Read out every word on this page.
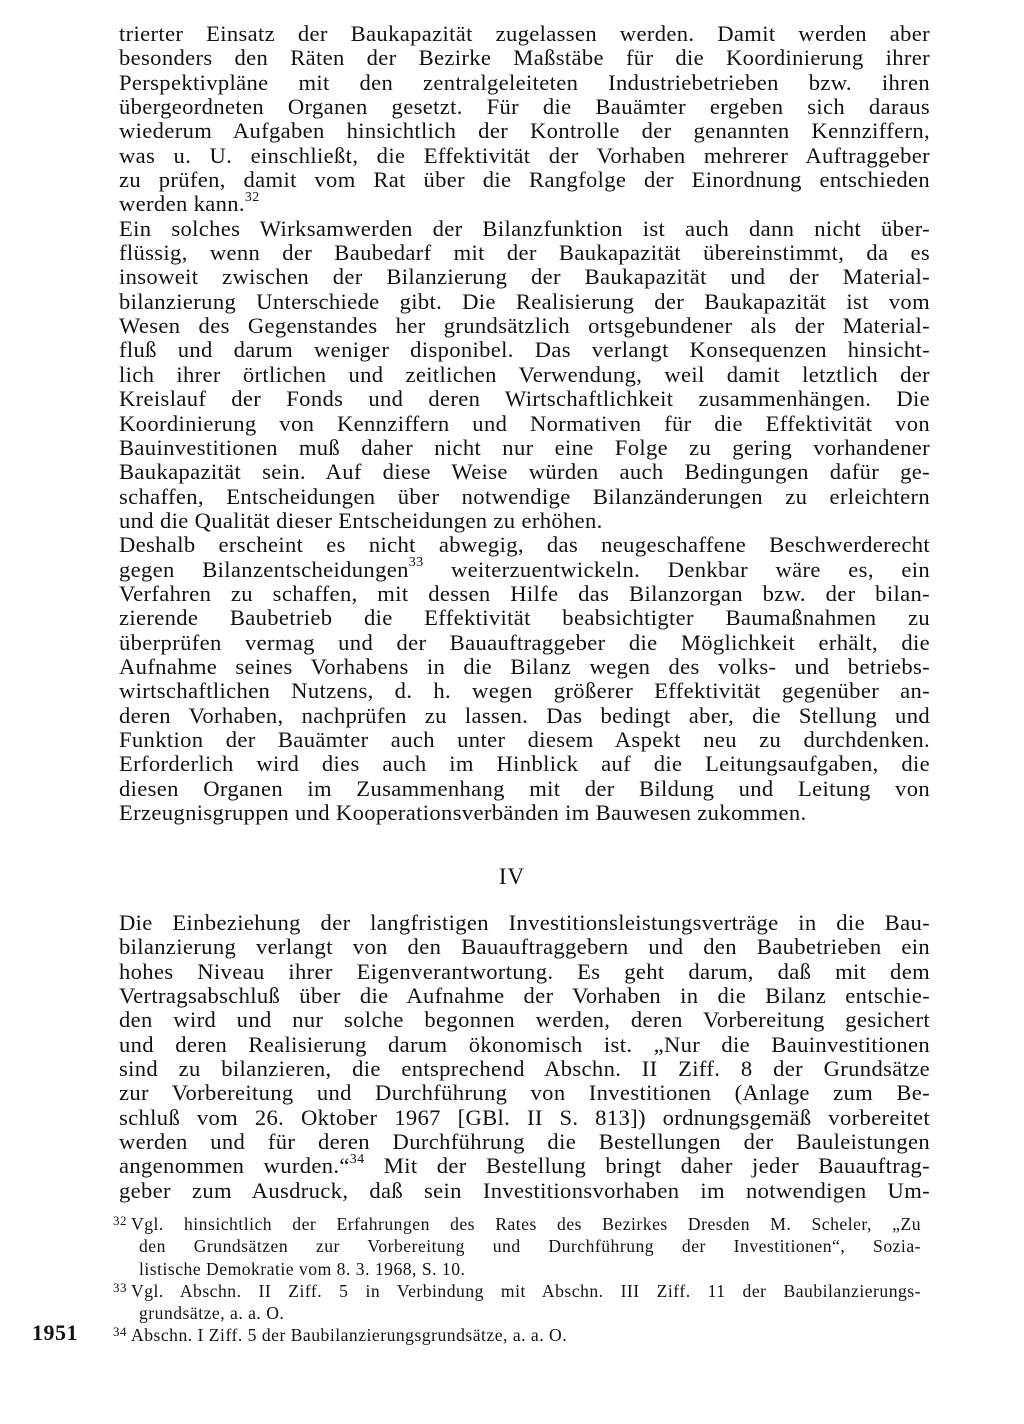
trierter Einsatz der Baukapazität zugelassen werden. Damit werden aber
besonders den Räten der Bezirke Maßstäbe für die Koordinierung ihrer
Perspektivpläne mit den zentralgeleiteten Industriebetrieben bzw. ihren
übergeordneten Organen gesetzt. Für die Bauämter ergeben sich daraus
wiederum Aufgaben hinsichtlich der Kontrolle der genannten Kennziffern,
was u. U. einschließt, die Effektivität der Vorhaben mehrerer Auftraggeber
zu prüfen, damit vom Rat über die Rangfolge der Einordnung entschieden
werden kann.$^{32}$
Ein solches Wirksamwerden der Bilanzfunktion ist auch dann nicht über-
flüssig, wenn der Baubedarf mit der Baukapazität übereinstimmt, da es
insoweit zwischen der Bilanzierung der Baukapazität und der Material-
bilanzierung Unterschiede gibt. Die Realisierung der Baukapazität ist vom
Wesen des Gegenstandes her grundsätzlich ortsgebundener als der Material-
fluß und darum weniger disponibel. Das verlangt Konsequenzen hinsicht-
lich ihrer örtlichen und zeitlichen Verwendung, weil damit letztlich der
Kreislauf der Fonds und deren Wirtschaftlichkeit zusammenhängen. Die
Koordinierung von Kennziffern und Normativen für die Effektivität von
Bauinvestitionen muß daher nicht nur eine Folge zu gering vorhandener
Baukapazität sein. Auf diese Weise würden auch Bedingungen dafür ge-
schaffen, Entscheidungen über notwendige Bilanzänderungen zu erleichtern
und die Qualität dieser Entscheidungen zu erhöhen.
Deshalb erscheint es nicht abwegig, das neugeschaffene Beschwerderecht
gegen Bilanzentscheidungen$^{33}$ weiterzuentwickeln. Denkbar wäre es, ein
Verfahren zu schaffen, mit dessen Hilfe das Bilanzorgan bzw. der bilan-
zierende Baubetrieb die Effektivität beabsichtigter Baumaßnahmen zu
überprüfen vermag und der Bauauftraggeber die Möglichkeit erhält, die
Aufnahme seines Vorhabens in die Bilanz wegen des volks- und betriebs-
wirtschaftlichen Nutzens, d. h. wegen größerer Effektivität gegenüber an-
deren Vorhaben, nachprüfen zu lassen. Das bedingt aber, die Stellung und
Funktion der Bauämter auch unter diesem Aspekt neu zu durchdenken.
Erforderlich wird dies auch im Hinblick auf die Leitungsaufgaben, die
diesen Organen im Zusammenhang mit der Bildung und Leitung von
Erzeugnisgruppen und Kooperationsverbänden im Bauwesen zukommen.
IV
Die Einbeziehung der langfristigen Investitionsleistungsverträge in die Bau-
bilanzierung verlangt von den Bauauftraggebern und den Baubetrieben ein
hohes Niveau ihrer Eigenverantwortung. Es geht darum, daß mit dem
Vertragsabschluß über die Aufnahme der Vorhaben in die Bilanz entschie-
den wird und nur solche begonnen werden, deren Vorbereitung gesichert
und deren Realisierung darum ökonomisch ist. „Nur die Bauinvestitionen
sind zu bilanzieren, die entsprechend Abschn. II Ziff. 8 der Grundsätze
zur Vorbereitung und Durchführung von Investitionen (Anlage zum Be-
schluß vom 26. Oktober 1967 [GBl. II S. 813]) ordnungsgemäß vorbereitet
werden und für deren Durchführung die Bestellungen der Bauleistungen
angenommen wurden.“$^{34}$ Mit der Bestellung bringt daher jeder Bauauftrag-
geber zum Ausdruck, daß sein Investitionsvorhaben im notwendigen Um-
$^{32}$ Vgl. hinsichtlich der Erfahrungen des Rates des Bezirkes Dresden M. Scheler, „Zu
den Grundsätzen zur Vorbereitung und Durchführung der Investitionen“, Sozia-
listische Demokratie vom 8. 3. 1968, S. 10.
$^{33}$ Vgl. Abschn. II Ziff. 5 in Verbindung mit Abschn. III Ziff. 11 der Baubilanzierungs-
grundsätze, a. a. O.
$^{34}$ Abschn. I Ziff. 5 der Baubilanzierungsgrundsätze, a. a. O.
1951
